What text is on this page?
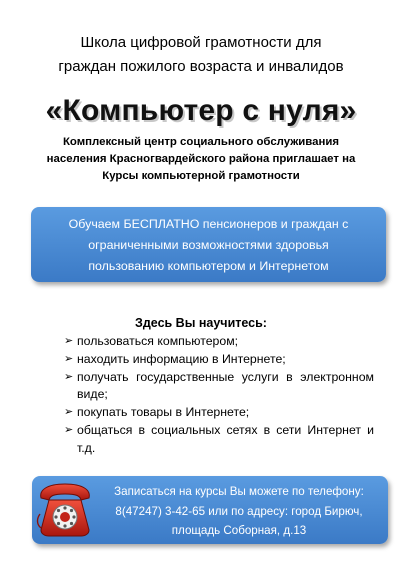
Школа цифровой грамотности для
граждан пожилого возраста и инвалидов
«Компьютер с нуля»
Комплексный центр социального обслуживания
населения Красногвардейского района приглашает на
Курсы компьютерной грамотности
Обучаем БЕСПЛАТНО пенсионеров и граждан с
ограниченными возможностями здоровья
пользованию компьютером и Интернетом
Здесь Вы научитесь:
➢ пользоваться компьютером;
➢ находить информацию в Интернете;
➢ получать государственные услуги в электронном виде;
➢ покупать товары в Интернете;
➢ общаться в социальных сетях в сети Интернет и т.д.
Записаться на курсы Вы можете по телефону:
8(47247) 3-42-65 или по адресу: город Бирюч,
площадь Соборная, д.13
